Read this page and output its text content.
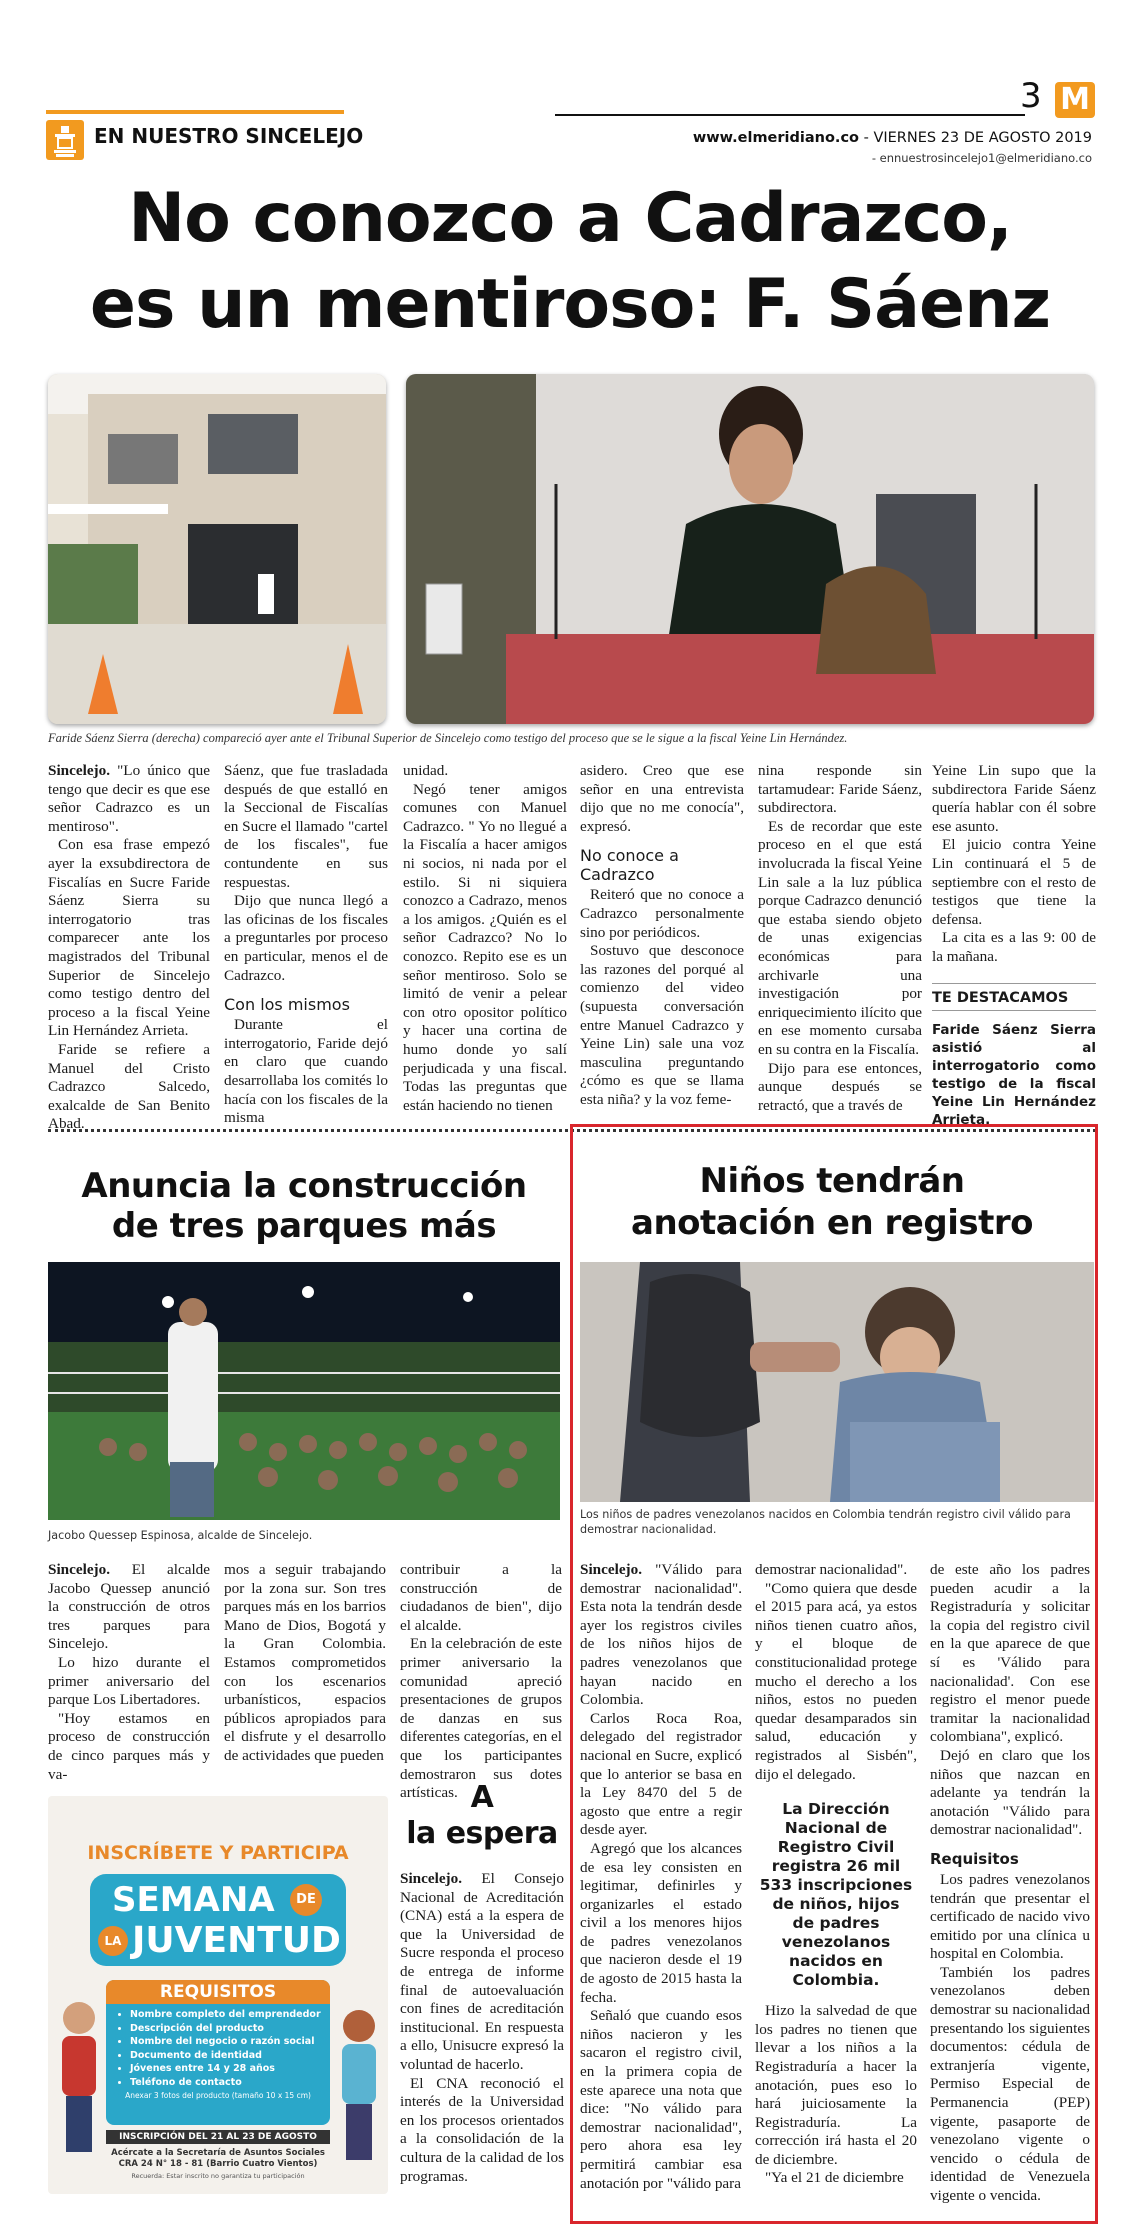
EN NUESTRO SINCELEJO
3 M
www.elmeridiano.co - VIERNES 23 DE AGOSTO 2019
- ennuestrosincelejo1@elmeridiano.co
No conozco a Cadrazco,
es un mentiroso: F. Sáenz
Faride Sáenz Sierra (derecha) compareció ayer ante el Tribunal Superior de Sincelejo como testigo del proceso que se le sigue a la fiscal Yeine Lin Hernández.

Sincelejo. "Lo único que tengo que decir es que ese señor Cadrazco es un mentiroso".

Con esa frase empezó ayer la exsubdirectora de Fiscalías en Sucre Faride Sáenz Sierra su interrogatorio tras comparecer ante los magistrados del Tribunal Superior de Sincelejo como testigo dentro del proceso a la fiscal Yeine Lin Hernández Arrieta.

Faride se refiere a Manuel del Cristo Cadrazco Salcedo, exalcalde de San Benito Abad.

Sáenz, que fue trasladada después de que estalló en la Seccional de Fiscalías en Sucre el llamado "cartel de los fiscales", fue contundente en sus respuestas.

Dijo que nunca llegó a las oficinas de los fiscales a preguntarles por proceso en particular, menos el de Cadrazco.

Con los mismos

Durante el interrogatorio, Faride dejó en claro que cuando desarrollaba los comités lo hacía con los fiscales de la misma

unidad.

Negó tener amigos comunes con Manuel Cadrazco. " Yo no llegué a la Fiscalía a hacer amigos ni socios, ni nada por el estilo. Si ni siquiera conozco a Cadrazo, menos a los amigos. ¿Quién es el señor Cadrazco? No lo conozco. Repito ese es un señor mentiroso. Solo se limitó de venir a pelear con otro opositor político y hacer una cortina de humo donde yo salí perjudicada y una fiscal. Todas las preguntas que están haciendo no tienen

asidero. Creo que ese señor en una entrevista dijo que no me conocía", expresó.

No conoce a Cadrazco

Reiteró que no conoce a Cadrazco personalmente sino por periódicos.

Sostuvo que desconoce las razones del porqué al comienzo del video (supuesta conversación entre Manuel Cadrazco y Yeine Lin) sale una voz masculina preguntando ¿cómo es que se llama esta niña? y la voz feme-

nina responde sin tartamudear: Faride Sáenz, subdirectora.

Es de recordar que este proceso en el que está involucrada la fiscal Yeine Lin sale a la luz pública porque Cadrazco denunció que estaba siendo objeto de unas exigencias económicas para archivarle una investigación por enriquecimiento ilícito que en ese momento cursaba en su contra en la Fiscalía.

Dijo para ese entonces, aunque después se retractó, que a través de

Yeine Lin supo que la subdirectora Faride Sáenz quería hablar con él sobre ese asunto.

El juicio contra Yeine Lin continuará el 5 de septiembre con el resto de testigos que tiene la defensa.

La cita es a las 9: 00 de la mañana.

TE DESTACAMOS
Faride Sáenz Sierra asistió al interrogatorio como testigo de la fiscal Yeine Lin Hernández Arrieta.
Anuncia la construcción
de tres parques más
Jacobo Quessep Espinosa, alcalde de Sincelejo.

Sincelejo. El alcalde Jacobo Quessep anunció la construcción de otros tres parques para Sincelejo.

Lo hizo durante el primer aniversario del parque Los Libertadores.

"Hoy estamos en proceso de construcción de cinco parques más y va-

mos a seguir trabajando por la zona sur. Son tres parques más en los barrios Mano de Dios, Bogotá y la Gran Colombia. Estamos comprometidos con los escenarios urbanísticos, espacios públicos apropiados para el disfrute y el desarrollo de actividades que pueden

contribuir a la construcción de ciudadanos de bien", dijo el alcalde.

En la celebración de este primer aniversario la comunidad apreció presentaciones de grupos de danzas en sus diferentes categorías, en el que los participantes demostraron sus dotes artísticas.

INSCRÍBETE Y PARTICIPA
SEMANA	DE
LA JUVENTUD
REQUISITOS
• Nombre completo del emprendedor
• Descripción del producto
• Nombre del negocio o razón social
• Documento de identidad
• Jóvenes entre 14 y 28 años
• Teléfono de contacto
Anexar 3 fotos del producto (tamaño 10 x 15 cm)
INSCRIPCIÓN DEL 21 AL 23 DE AGOSTO
Acércate a la Secretaría de Asuntos Sociales
CRA 24 N° 18 - 81 (Barrio Cuatro Vientos)
Recuerda: Estar inscrito no garantiza tu participación
A
la espera

Sincelejo. El Consejo Nacional de Acreditación (CNA) está a la espera de que la Universidad de Sucre responda el proceso de entrega de informe final de autoevaluación con fines de acreditación institucional. En respuesta a ello, Unisucre expresó la voluntad de hacerlo.

El CNA reconoció el interés de la Universidad en los procesos orientados a la consolidación de la cultura de la calidad de los programas.

Niños tendrán
anotación en registro
Los niños de padres venezolanos nacidos en Colombia tendrán registro civil válido para demostrar nacionalidad.

Sincelejo. "Válido para demostrar nacionalidad". Esta nota la tendrán desde ayer los registros civiles de los niños hijos de padres venezolanos que hayan nacido en Colombia.

Carlos Roca Roa, delegado del registrador nacional en Sucre, explicó que lo anterior se basa en la Ley 8470 del 5 de agosto que entre a regir desde ayer.

Agregó que los alcances de esa ley consisten en legitimar, definirles y organizarles el estado civil a los menores hijos de padres venezolanos que nacieron desde el 19 de agosto de 2015 hasta la fecha.

Señaló que cuando esos niños nacieron y les sacaron el registro civil, en la primera copia de este aparece una nota que dice: "No válido para demostrar nacionalidad", pero ahora esa ley permitirá cambiar esa anotación por "válido para

demostrar nacionalidad".

"Como quiera que desde el 2015 para acá, ya estos niños tienen cuatro años, y el bloque de constitucionalidad protege mucho el derecho a los niños, estos no pueden quedar desamparados sin salud, educación y registrados al Sisbén", dijo el delegado.

La Dirección Nacional de Registro Civil registra 26 mil 533 inscripciones de niños, hijos de padres venezolanos nacidos en Colombia.

Hizo la salvedad de que los padres no tienen que llevar a los niños a la Registraduría a hacer la anotación, pues eso lo hará juiciosamente la Registraduría. La corrección irá hasta el 20 de diciembre.

"Ya el 21 de diciembre

de este año los padres pueden acudir a la Registraduría y solicitar la copia del registro civil en la que aparece de que sí es 'Válido para nacionalidad'. Con ese registro el menor puede tramitar la nacionalidad colombiana", explicó.

Dejó en claro que los niños que nazcan en adelante ya tendrán la anotación "Válido para demostrar nacionalidad".

Requisitos

Los padres venezolanos tendrán que presentar el certificado de nacido vivo emitido por una clínica u hospital en Colombia.

También los padres venezolanos deben demostrar su nacionalidad presentando los siguientes documentos: cédula de extranjería vigente, Permiso Especial de Permanencia (PEP) vigente, pasaporte de venezolano vigente o vencido o cédula de identidad de Venezuela vigente o vencida.
